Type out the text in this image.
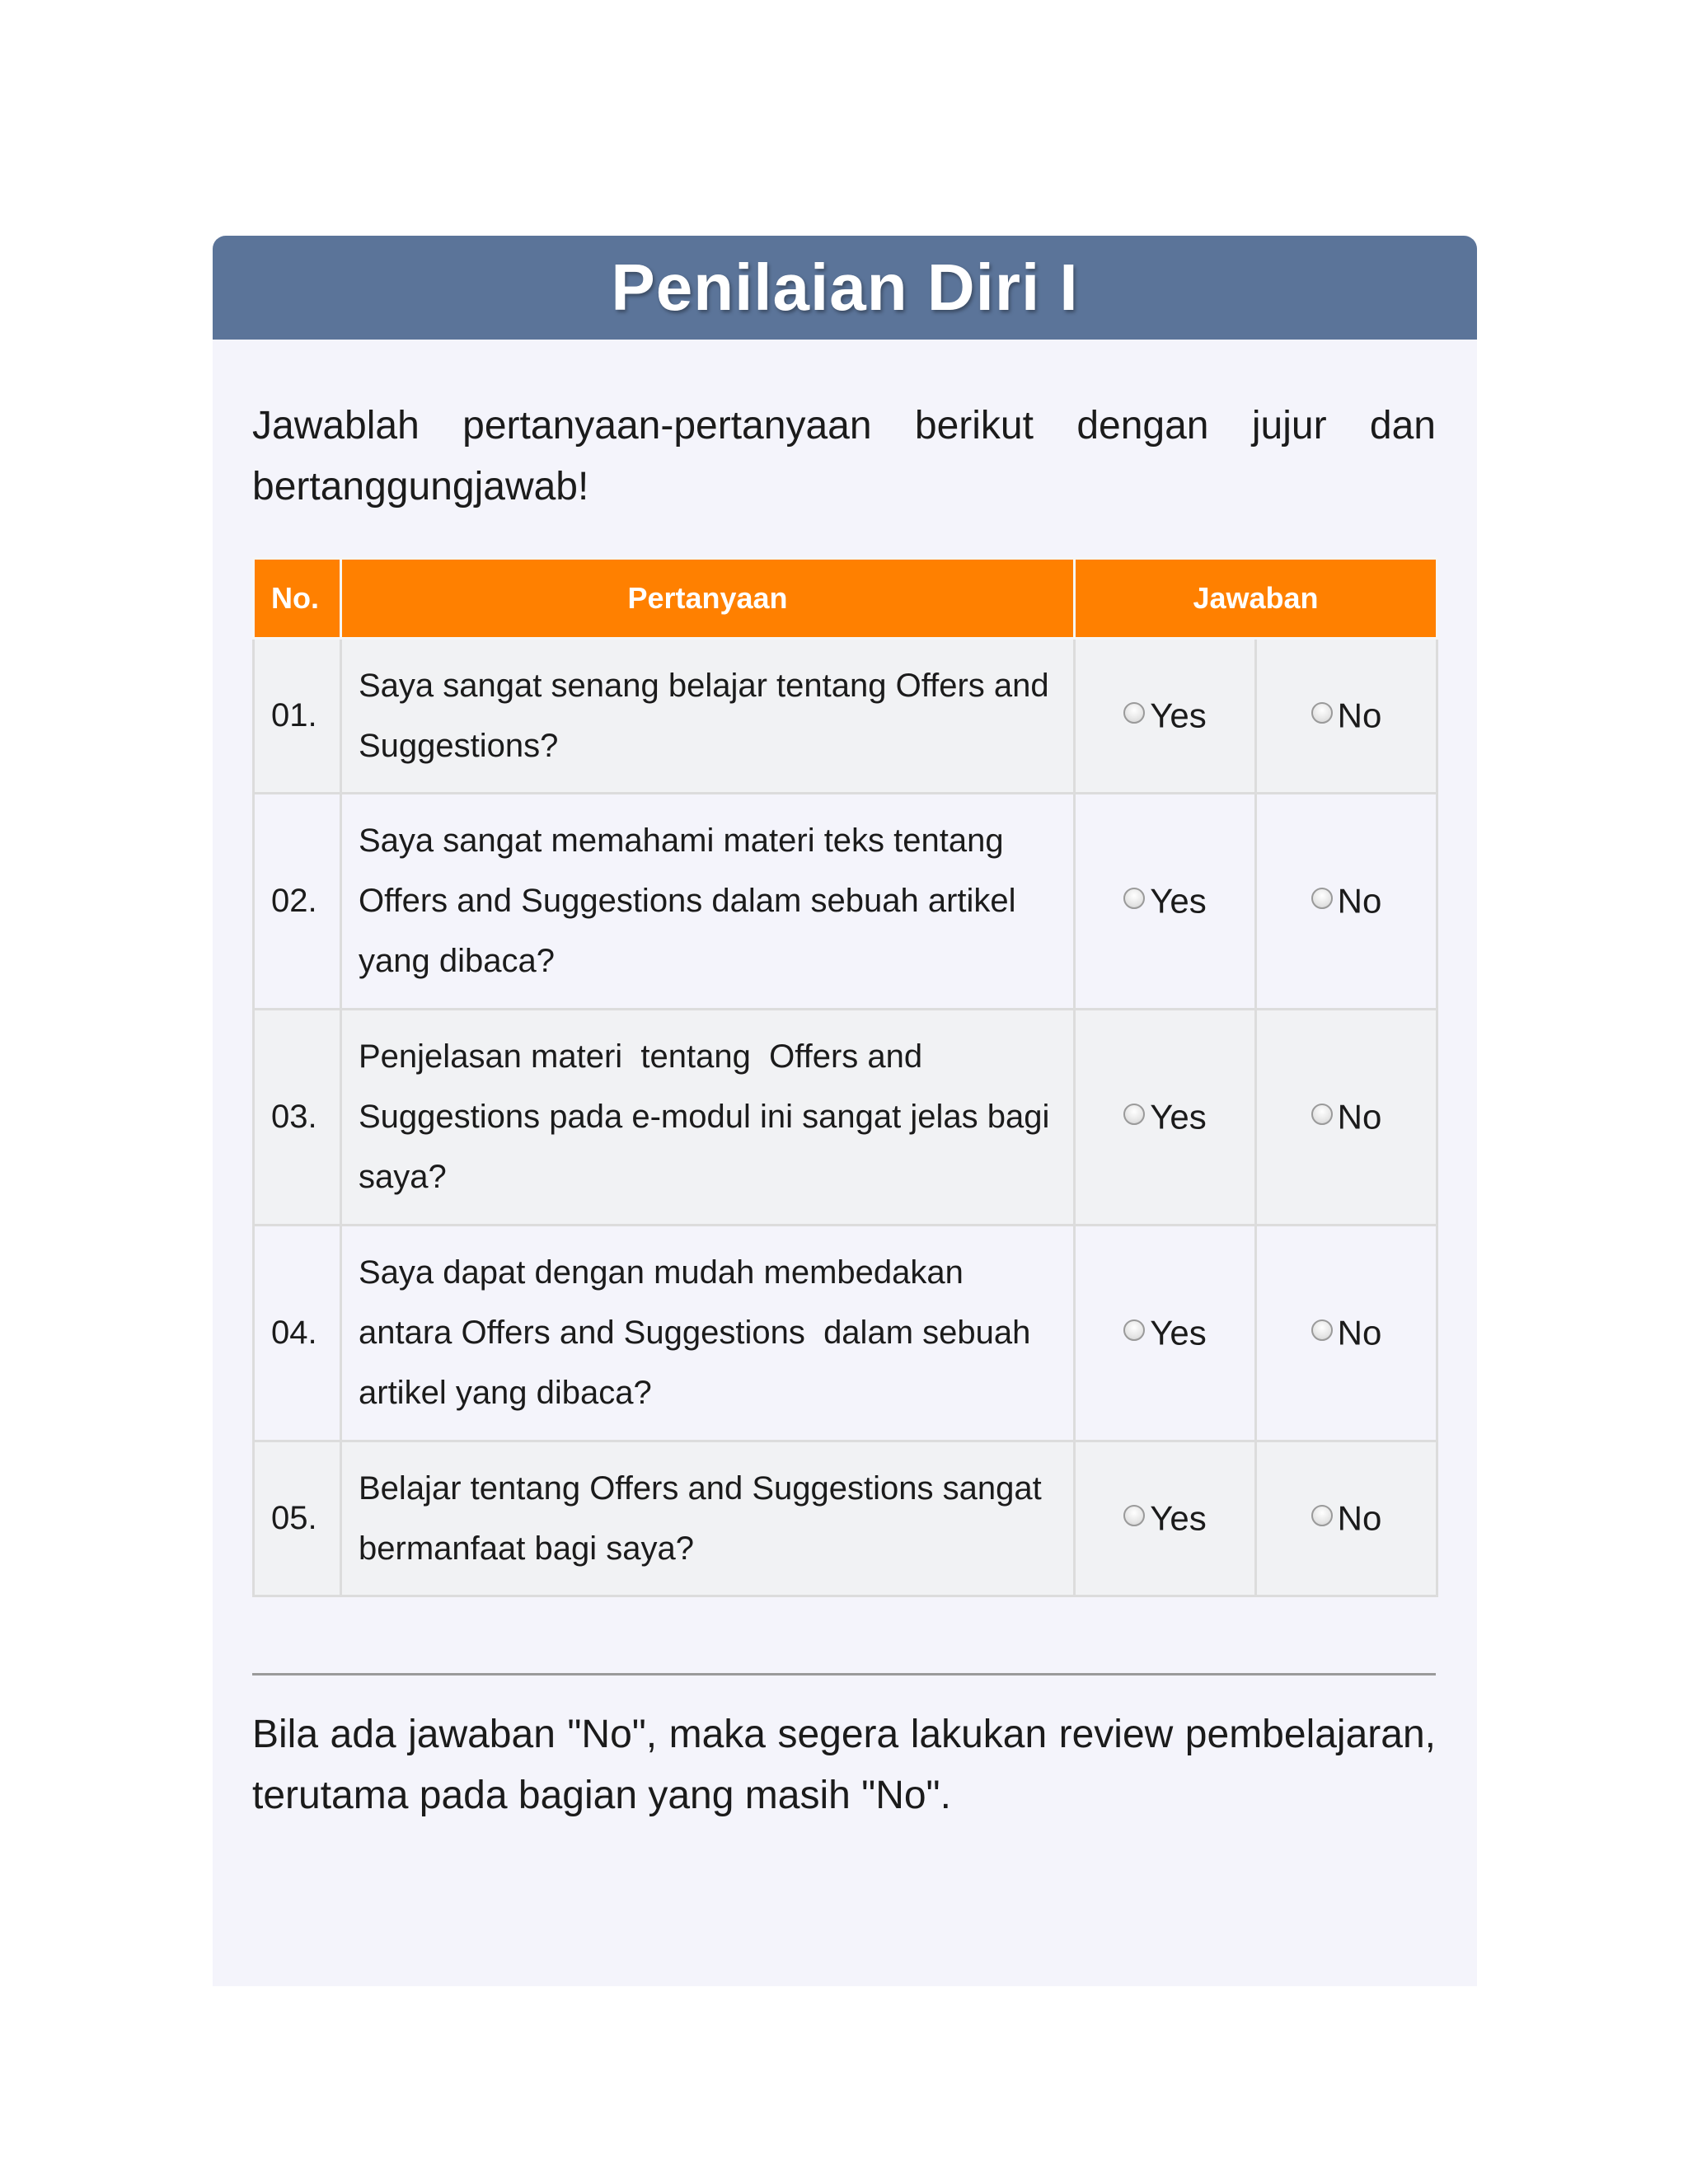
Penilaian Diri I

Jawablah pertanyaan-pertanyaan berikut dengan jujur dan bertanggungjawab!

No.	Pertanyaan	Jawaban	
01.	Saya sangat senang belajar tentang Offers and Suggestions?	Yes	No
02.	Saya sangat memahami materi teks tentang  Offers and Suggestions dalam sebuah artikel yang dibaca?	Yes	No
03.	Penjelasan materi  tentang  Offers and Suggestions pada e-modul ini sangat jelas bagi saya?	Yes	No
04.	Saya dapat dengan mudah membedakan antara Offers and Suggestions  dalam sebuah artikel yang dibaca?	Yes	No
05.	Belajar tentang Offers and Suggestions sangat bermanfaat bagi saya?	Yes	No

Bila ada jawaban "No", maka segera lakukan review pembelajaran, terutama pada bagian yang masih "No".
